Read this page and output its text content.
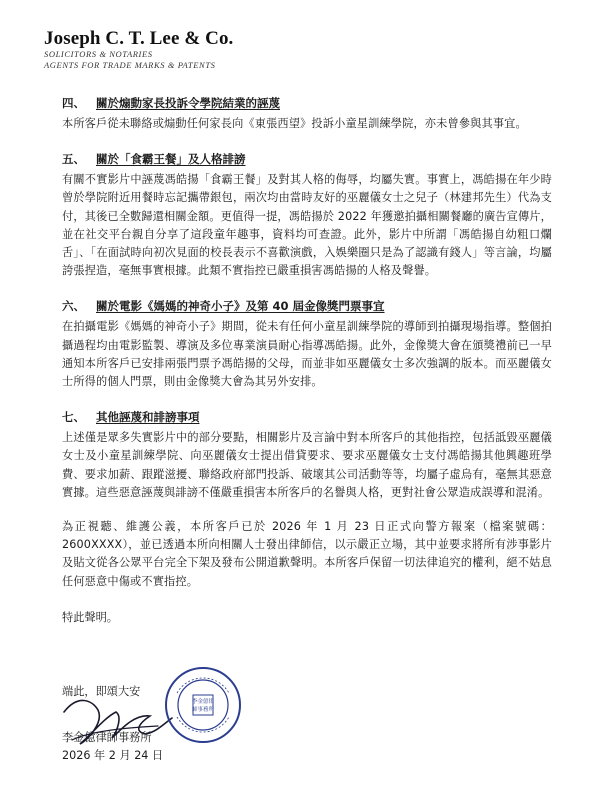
Joseph C. T. Lee & Co.
SOLICITORS & NOTARIES
AGENTS FOR TRADE MARKS & PATENTS
四、 關於煽動家長投訴令學院結業的誣蔑

本所客戶從未聯絡或煽動任何家長向《東張西望》投訴小童星訓練學院，亦未曾參與其事宜。

五、 關於「食霸王餐」及人格誹謗

有關不實影片中誣蔑馮皓揚「食霸王餐」及對其人格的侮辱，均屬失實。事實上，馮皓揚在年少時曾於學院附近用餐時忘記攜帶銀包，兩次均由當時友好的巫麗儀女士之兒子（林建邦先生）代為支付，其後已全數歸還相關金額。更值得一提，馮皓揚於 2022 年獲邀拍攝相關餐廳的廣告宣傳片，並在社交平台親自分享了這段童年趣事，資料均可查證。此外，影片中所謂「馮皓揚自幼粗口爛舌」、「在面試時向初次見面的校長表示不喜歡演戲，入娛樂圈只是為了認識有錢人」等言論，均屬誇張捏造，毫無事實根據。此類不實指控已嚴重損害馮皓揚的人格及聲譽。

六、 關於電影《媽媽的神奇小子》及第 40 屆金像獎門票事宜

在拍攝電影《媽媽的神奇小子》期間，從未有任何小童星訓練學院的導師到拍攝現場指導。整個拍攝過程均由電影監製、導演及多位專業演員耐心指導馮皓揚。此外，金像獎大會在頒獎禮前已一早通知本所客戶已安排兩張門票予馮皓揚的父母，而並非如巫麗儀女士多次強調的版本。而巫麗儀女士所得的個人門票，則由金像獎大會為其另外安排。

七、 其他誣蔑和誹謗事項

上述僅是眾多失實影片中的部分要點，相關影片及言論中對本所客戶的其他指控，包括詆毀巫麗儀女士及小童星訓練學院、向巫麗儀女士提出借貸要求、要求巫麗儀女士支付馮皓揚其他興趣班學費、要求加薪、跟蹤滋擾、聯絡政府部門投訴、破壞其公司活動等等，均屬子虛烏有，毫無其惡意實據。這些惡意誣蔑與誹謗不僅嚴重損害本所客戶的名譽與人格，更對社會公眾造成誤導和混淆。

為正視聽、維護公義，本所客戶已於 2026 年 1 月 23 日正式向警方報案（檔案號碼：2600XXXX），並已透過本所向相關人士發出律師信，以示嚴正立場，其中並要求將所有涉事影片及貼文從各公眾平台完全下架及發布公開道歉聲明。本所客戶保留一切法律追究的權利，絕不姑息任何惡意中傷或不實指控。

特此聲明。
端此，即頌大安
李金億律師事務所
2026 年 2 月 24 日
李金億律
師事務所
